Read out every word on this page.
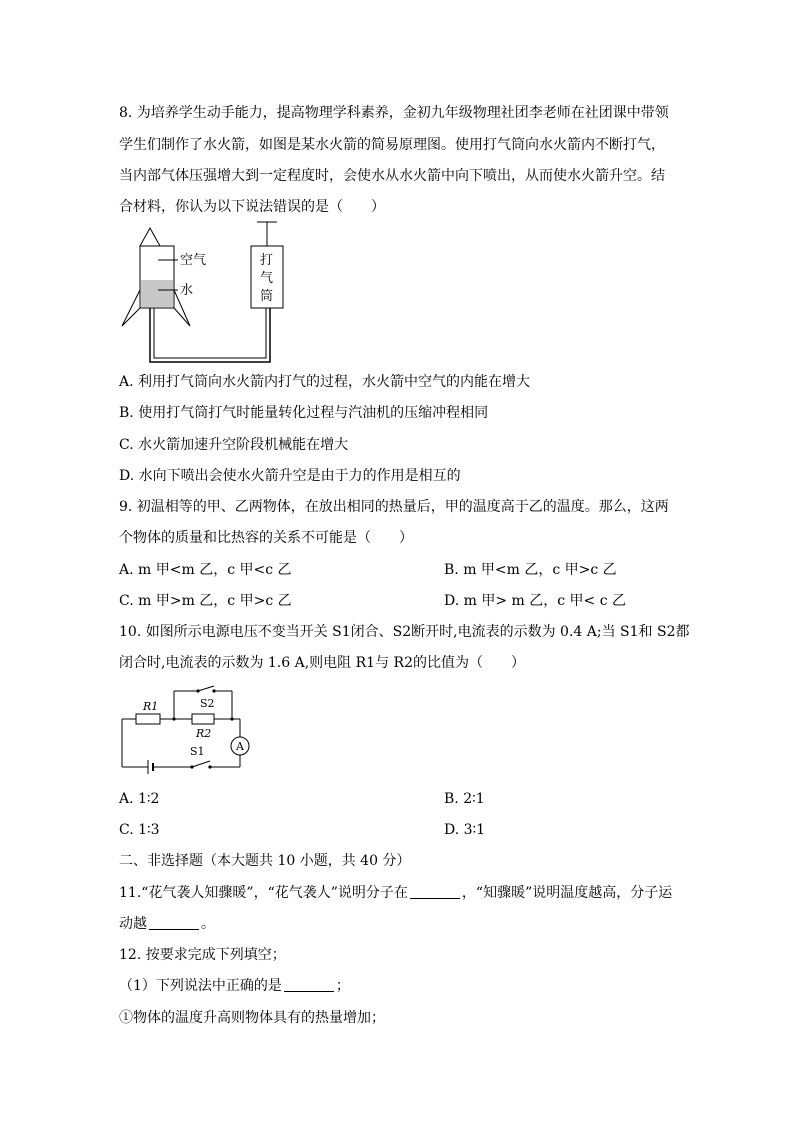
8. 为培养学生动手能力，提高物理学科素养，金初九年级物理社团李老师在社团课中带领
学生们制作了水火箭，如图是某水火箭的简易原理图。使用打气筒向水火箭内不断打气，
当内部气体压强增大到一定程度时，会使水从水火箭中向下喷出，从而使水火箭升空。结
合材料，你认为以下说法错误的是（　　）
空气
水
打
气
筒
A. 利用打气筒向水火箭内打气的过程，水火箭中空气的内能在增大
B. 使用打气筒打气时能量转化过程与汽油机的压缩冲程相同
C. 水火箭加速升空阶段机械能在增大
D. 水向下喷出会使水火箭升空是由于力的作用是相互的
9. 初温相等的甲、乙两物体，在放出相同的热量后，甲的温度高于乙的温度。那么，这两
个物体的质量和比热容的关系不可能是（　　）
A. m 甲<m 乙，c 甲<c 乙	B. m 甲<m 乙，c 甲>c 乙
C. m 甲>m 乙，c 甲>c 乙	D. m 甲> m 乙，c 甲< c 乙
10. 如图所示电源电压不变当开关 S1闭合、S2断开时,电流表的示数为 0.4 A;当 S1和 S2都
闭合时,电流表的示数为 1.6 A,则电阻 R1与 R2的比值为（　　）
R1
R2
S2
A
S1
A. 1∶2	B. 2∶1
C. 1∶3	D. 3∶1
二、非选择题（本大题共 10 小题，共 40 分）
11.“花气袭人知骤暖”，“花气袭人”说明分子在	，“知骤暖”说明温度越高，分子运
动越	。
12. 按要求完成下列填空；
（1）下列说法中正确的是	；
①物体的温度升高则物体具有的热量增加；
